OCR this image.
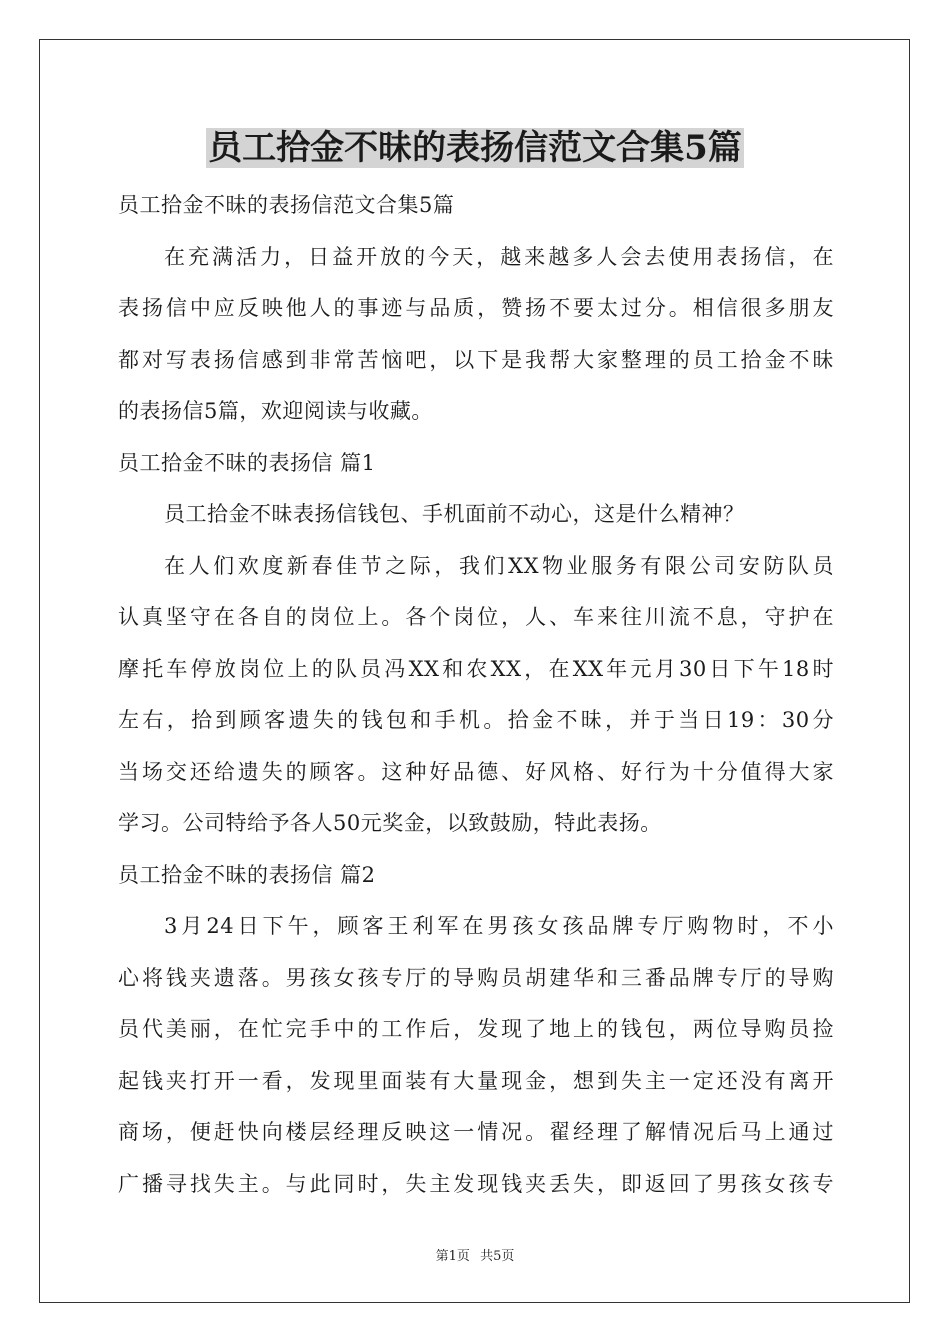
员工拾金不昧的表扬信范文合集5篇
员工拾金不昧的表扬信范文合集5篇
在充满活力，日益开放的今天，越来越多人会去使用表扬信，在
表扬信中应反映他人的事迹与品质，赞扬不要太过分。相信很多朋友
都对写表扬信感到非常苦恼吧，以下是我帮大家整理的员工拾金不昧
的表扬信5篇，欢迎阅读与收藏。
员工拾金不昧的表扬信 篇1
员工拾金不昧表扬信钱包、手机面前不动心，这是什么精神？
在人们欢度新春佳节之际，我们XX物业服务有限公司安防队员
认真坚守在各自的岗位上。各个岗位，人、车来往川流不息，守护在
摩托车停放岗位上的队员冯XX和农XX，在XX年元月30日下午18时
左右，拾到顾客遗失的钱包和手机。拾金不昧，并于当日19：30分
当场交还给遗失的顾客。这种好品德、好风格、好行为十分值得大家
学习。公司特给予各人50元奖金，以致鼓励，特此表扬。
员工拾金不昧的表扬信 篇2
3月24日下午，顾客王利军在男孩女孩品牌专厅购物时，不小
心将钱夹遗落。男孩女孩专厅的导购员胡建华和三番品牌专厅的导购
员代美丽，在忙完手中的工作后，发现了地上的钱包，两位导购员捡
起钱夹打开一看，发现里面装有大量现金，想到失主一定还没有离开
商场，便赶快向楼层经理反映这一情况。翟经理了解情况后马上通过
广播寻找失主。与此同时，失主发现钱夹丢失，即返回了男孩女孩专
第1页 共5页
